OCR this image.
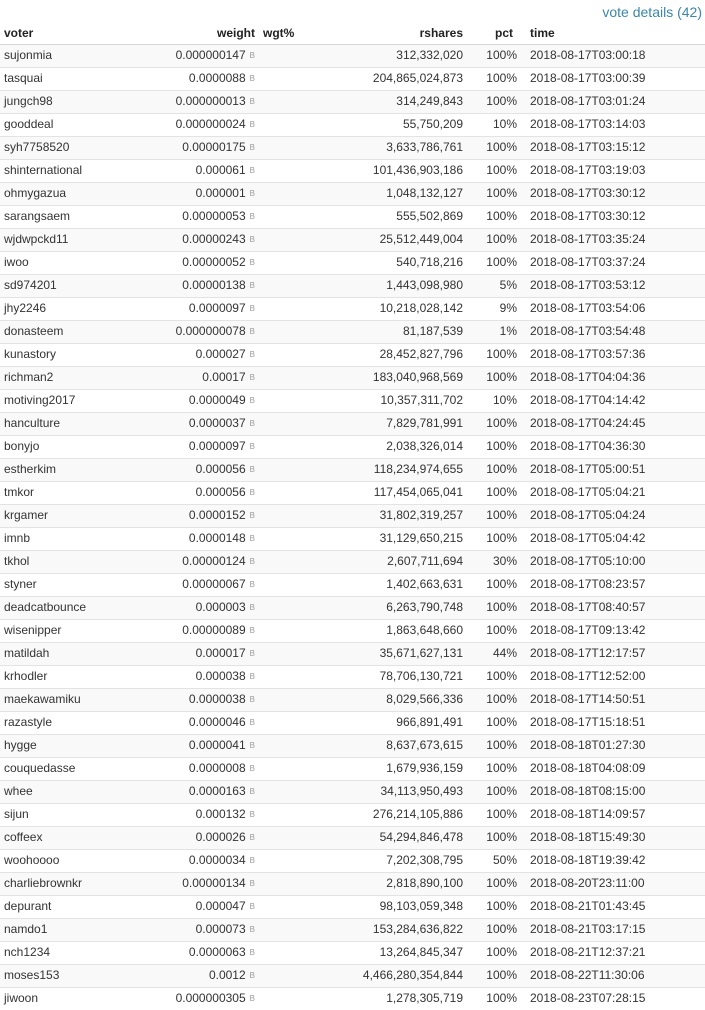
vote details (42)
voter	weight	wgt%	rshares	pct	time
sujonmia	0.000000147 B		312,332,020	100%	2018-08-17T03:00:18
tasquai	0.0000088 B		204,865,024,873	100%	2018-08-17T03:00:39
jungch98	0.000000013 B		314,249,843	100%	2018-08-17T03:01:24
gooddeal	0.000000024 B		55,750,209	10%	2018-08-17T03:14:03
syh7758520	0.00000175 B		3,633,786,761	100%	2018-08-17T03:15:12
shinternational	0.000061 B		101,436,903,186	100%	2018-08-17T03:19:03
ohmygazua	0.000001 B		1,048,132,127	100%	2018-08-17T03:30:12
sarangsaem	0.00000053 B		555,502,869	100%	2018-08-17T03:30:12
wjdwpckd11	0.00000243 B		25,512,449,004	100%	2018-08-17T03:35:24
iwoo	0.00000052 B		540,718,216	100%	2018-08-17T03:37:24
sd974201	0.00000138 B		1,443,098,980	5%	2018-08-17T03:53:12
jhy2246	0.0000097 B		10,218,028,142	9%	2018-08-17T03:54:06
donasteem	0.000000078 B		81,187,539	1%	2018-08-17T03:54:48
kunastory	0.000027 B		28,452,827,796	100%	2018-08-17T03:57:36
richman2	0.00017 B		183,040,968,569	100%	2018-08-17T04:04:36
motiving2017	0.0000049 B		10,357,311,702	10%	2018-08-17T04:14:42
hanculture	0.0000037 B		7,829,781,991	100%	2018-08-17T04:24:45
bonyjo	0.0000097 B		2,038,326,014	100%	2018-08-17T04:36:30
estherkim	0.000056 B		118,234,974,655	100%	2018-08-17T05:00:51
tmkor	0.000056 B		117,454,065,041	100%	2018-08-17T05:04:21
krgamer	0.0000152 B		31,802,319,257	100%	2018-08-17T05:04:24
imnb	0.0000148 B		31,129,650,215	100%	2018-08-17T05:04:42
tkhol	0.00000124 B		2,607,711,694	30%	2018-08-17T05:10:00
styner	0.00000067 B		1,402,663,631	100%	2018-08-17T08:23:57
deadcatbounce	0.000003 B		6,263,790,748	100%	2018-08-17T08:40:57
wisenipper	0.00000089 B		1,863,648,660	100%	2018-08-17T09:13:42
matildah	0.000017 B		35,671,627,131	44%	2018-08-17T12:17:57
krhodler	0.000038 B		78,706,130,721	100%	2018-08-17T12:52:00
maekawamiku	0.0000038 B		8,029,566,336	100%	2018-08-17T14:50:51
razastyle	0.0000046 B		966,891,491	100%	2018-08-17T15:18:51
hygge	0.0000041 B		8,637,673,615	100%	2018-08-18T01:27:30
couquedasse	0.0000008 B		1,679,936,159	100%	2018-08-18T04:08:09
whee	0.0000163 B		34,113,950,493	100%	2018-08-18T08:15:00
sijun	0.000132 B		276,214,105,886	100%	2018-08-18T14:09:57
coffeex	0.000026 B		54,294,846,478	100%	2018-08-18T15:49:30
woohoooo	0.0000034 B		7,202,308,795	50%	2018-08-18T19:39:42
charliebrownkr	0.00000134 B		2,818,890,100	100%	2018-08-20T23:11:00
depurant	0.000047 B		98,103,059,348	100%	2018-08-21T01:43:45
namdo1	0.000073 B		153,284,636,822	100%	2018-08-21T03:17:15
nch1234	0.0000063 B		13,264,845,347	100%	2018-08-21T12:37:21
moses153	0.0012 B		4,466,280,354,844	100%	2018-08-22T11:30:06
jiwoon	0.000000305 B		1,278,305,719	100%	2018-08-23T07:28:15
